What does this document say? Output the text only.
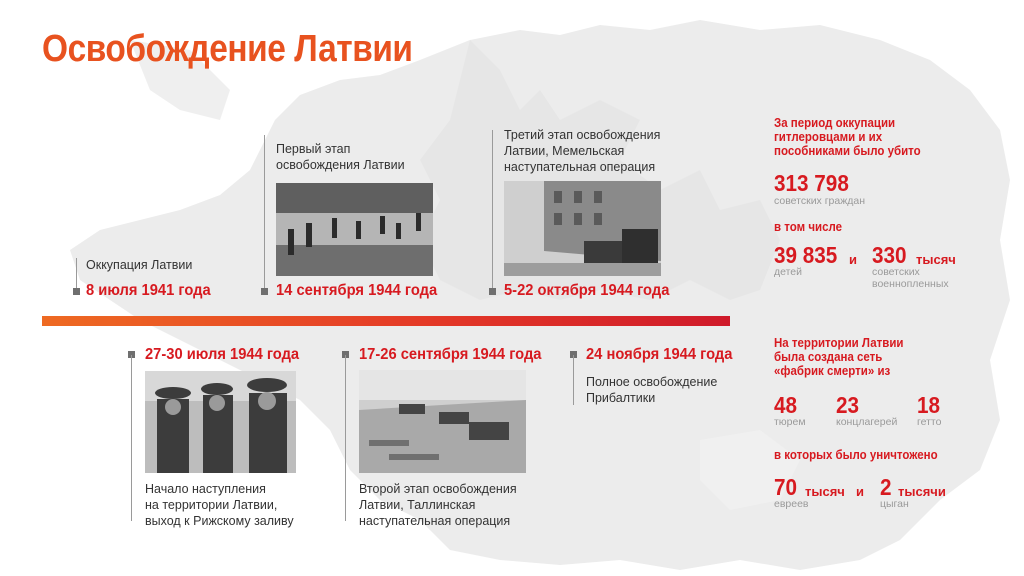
Освобождение Латвии
Оккупация Латвии
8 июля 1941 года
Первый этап
освобождения Латвии
14 сентября 1944 года
Третий этап освобождения
Латвии, Мемельская
наступательная операция
5-22 октября 1944 года
27-30 июля 1944 года
Начало наступления
на территории Латвии,
выход к Рижскому заливу
17-26 сентября 1944 года
Второй этап освобождения
Латвии, Таллинская
наступательная операция
24 ноября 1944 года
Полное освобождение
Прибалтики
За период оккупации
гитлеровцами и их
пособниками было убито
313 798
советских граждан
в том числе
39 835
детей
и 330 тысяч
советских
военнопленных
На территории Латвии
была создана сеть
«фабрик смерти» из
48
тюрем
23
концлагерей
18
гетто
в которых было уничтожено
70 тысяч
евреев
и 2 тысячи
цыган
